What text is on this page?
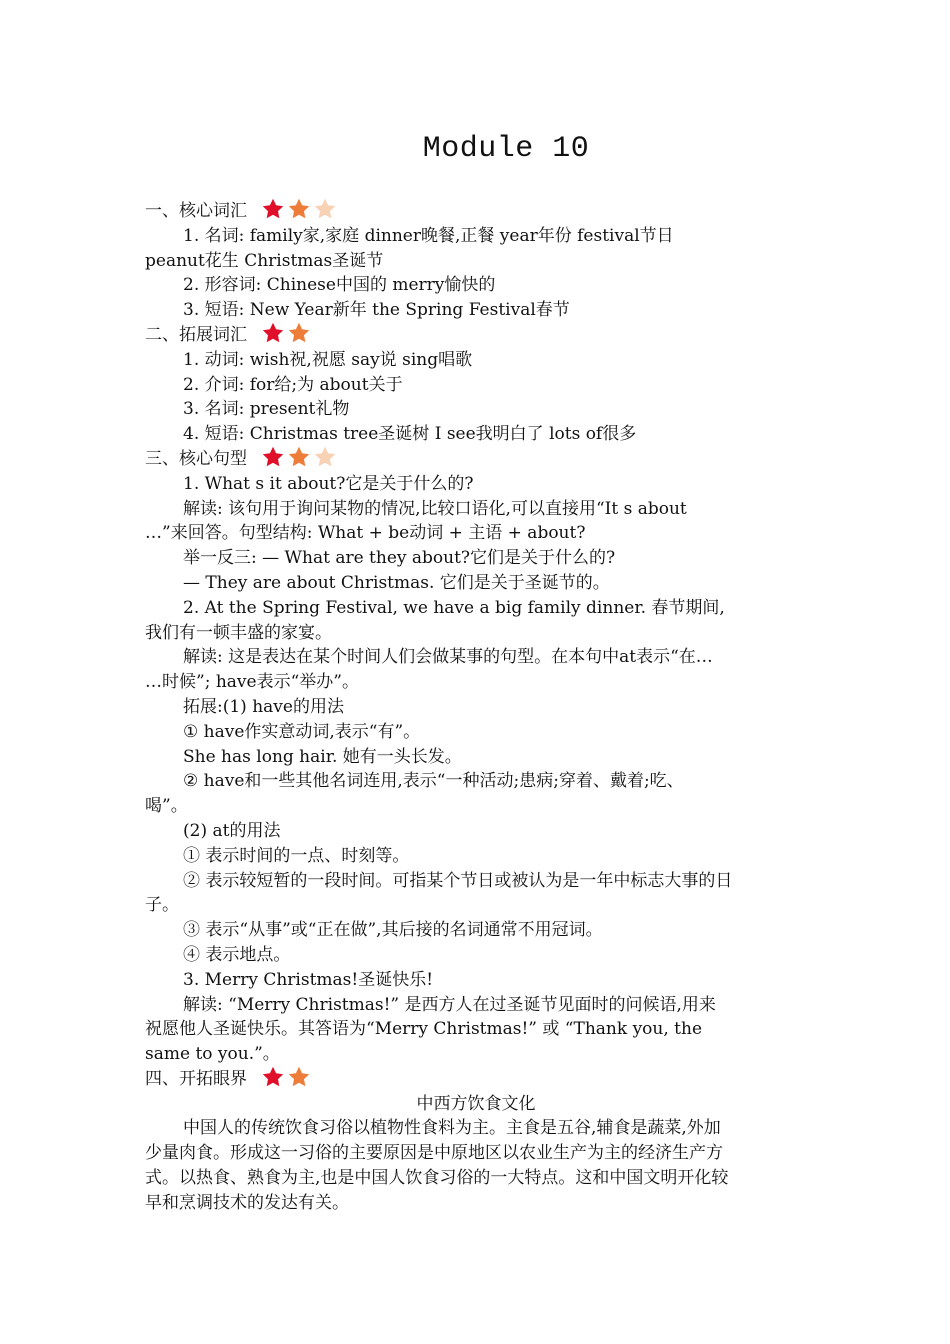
Module 10
一、核心词汇
1. 名词: family家,家庭 dinner晚餐,正餐 year年份 festival节日
peanut花生 Christmas圣诞节
2. 形容词: Chinese中国的 merry愉快的
3. 短语: New Year新年 the Spring Festival春节
二、拓展词汇
1. 动词: wish祝,祝愿 say说 sing唱歌
2. 介词: for给;为 about关于
3. 名词: present礼物
4. 短语: Christmas tree圣诞树 I see我明白了 lots of很多
三、核心句型
1. What s it about?它是关于什么的?
解读: 该句用于询问某物的情况,比较口语化,可以直接用“It s about
…”来回答。句型结构: What + be动词 + 主语 + about?
举一反三: — What are they about?它们是关于什么的?
— They are about Christmas. 它们是关于圣诞节的。
2. At the Spring Festival, we have a big family dinner. 春节期间,
我们有一顿丰盛的家宴。
解读: 这是表达在某个时间人们会做某事的句型。在本句中at表示“在…
…时候”; have表示“举办”。
拓展:(1) have的用法
① have作实意动词,表示“有”。
She has long hair. 她有一头长发。
② have和一些其他名词连用,表示“一种活动;患病;穿着、戴着;吃、
喝”。
(2) at的用法
① 表示时间的一点、时刻等。
② 表示较短暂的一段时间。可指某个节日或被认为是一年中标志大事的日
子。
③ 表示“从事”或“正在做”,其后接的名词通常不用冠词。
④ 表示地点。
3. Merry Christmas!圣诞快乐!
解读: “Merry Christmas!” 是西方人在过圣诞节见面时的问候语,用来
祝愿他人圣诞快乐。其答语为“Merry Christmas!” 或 “Thank you, the
same to you.”。
四、开拓眼界
中西方饮食文化
中国人的传统饮食习俗以植物性食料为主。主食是五谷,辅食是蔬菜,外加
少量肉食。形成这一习俗的主要原因是中原地区以农业生产为主的经济生产方
式。以热食、熟食为主,也是中国人饮食习俗的一大特点。这和中国文明开化较
早和烹调技术的发达有关。
